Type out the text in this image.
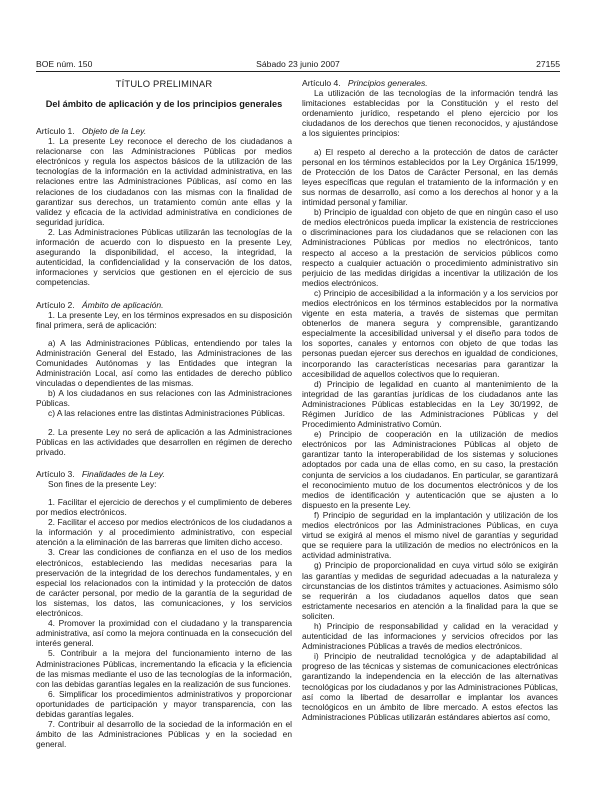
BOE núm. 150	Sábado 23 junio 2007	27155
TÍTULO PRELIMINAR
Del ámbito de aplicación y de los principios generales

Artículo 1. Objeto de la Ley.

1. La presente Ley reconoce el derecho de los ciudadanos a relacionarse con las Administraciones Públicas por medios electrónicos y regula los aspectos básicos de la utilización de las tecnologías de la información en la actividad administrativa, en las relaciones entre las Administraciones Públicas, así como en las relaciones de los ciudadanos con las mismas con la finalidad de garantizar sus derechos, un tratamiento común ante ellas y la validez y eficacia de la actividad administrativa en condiciones de seguridad jurídica.

2. Las Administraciones Públicas utilizarán las tecnologías de la información de acuerdo con lo dispuesto en la presente Ley, asegurando la disponibilidad, el acceso, la integridad, la autenticidad, la confidencialidad y la conservación de los datos, informaciones y servicios que gestionen en el ejercicio de sus competencias.

Artículo 2. Ámbito de aplicación.

1. La presente Ley, en los términos expresados en su disposición final primera, será de aplicación:

a) A las Administraciones Públicas, entendiendo por tales la Administración General del Estado, las Administraciones de las Comunidades Autónomas y las Entidades que integran la Administración Local, así como las entidades de derecho público vinculadas o dependientes de las mismas.

b) A los ciudadanos en sus relaciones con las Administraciones Públicas.

c) A las relaciones entre las distintas Administraciones Públicas.

2. La presente Ley no será de aplicación a las Administraciones Públicas en las actividades que desarrollen en régimen de derecho privado.

Artículo 3. Finalidades de la Ley.

Son fines de la presente Ley:

1. Facilitar el ejercicio de derechos y el cumplimiento de deberes por medios electrónicos.

2. Facilitar el acceso por medios electrónicos de los ciudadanos a la información y al procedimiento administrativo, con especial atención a la eliminación de las barreras que limiten dicho acceso.

3. Crear las condiciones de confianza en el uso de los medios electrónicos, estableciendo las medidas necesarias para la preservación de la integridad de los derechos fundamentales, y en especial los relacionados con la intimidad y la protección de datos de carácter personal, por medio de la garantía de la seguridad de los sistemas, los datos, las comunicaciones, y los servicios electrónicos.

4. Promover la proximidad con el ciudadano y la transparencia administrativa, así como la mejora continuada en la consecución del interés general.

5. Contribuir a la mejora del funcionamiento interno de las Administraciones Públicas, incrementando la eficacia y la eficiencia de las mismas mediante el uso de las tecnologías de la información, con las debidas garantías legales en la realización de sus funciones.

6. Simplificar los procedimientos administrativos y proporcionar oportunidades de participación y mayor transparencia, con las debidas garantías legales.

7. Contribuir al desarrollo de la sociedad de la información en el ámbito de las Administraciones Públicas y en la sociedad en general.

Artículo 4. Principios generales.

La utilización de las tecnologías de la información tendrá las limitaciones establecidas por la Constitución y el resto del ordenamiento jurídico, respetando el pleno ejercicio por los ciudadanos de los derechos que tienen reconocidos, y ajustándose a los siguientes principios:

a) El respeto al derecho a la protección de datos de carácter personal en los términos establecidos por la Ley Orgánica 15/1999, de Protección de los Datos de Carácter Personal, en las demás leyes específicas que regulan el tratamiento de la información y en sus normas de desarrollo, así como a los derechos al honor y a la intimidad personal y familiar.

b) Principio de igualdad con objeto de que en ningún caso el uso de medios electrónicos pueda implicar la existencia de restricciones o discriminaciones para los ciudadanos que se relacionen con las Administraciones Públicas por medios no electrónicos, tanto respecto al acceso a la prestación de servicios públicos como respecto a cualquier actuación o procedimiento administrativo sin perjuicio de las medidas dirigidas a incentivar la utilización de los medios electrónicos.

c) Principio de accesibilidad a la información y a los servicios por medios electrónicos en los términos establecidos por la normativa vigente en esta materia, a través de sistemas que permitan obtenerlos de manera segura y comprensible, garantizando especialmente la accesibilidad universal y el diseño para todos de los soportes, canales y entornos con objeto de que todas las personas puedan ejercer sus derechos en igualdad de condiciones, incorporando las características necesarias para garantizar la accesibilidad de aquellos colectivos que lo requieran.

d) Principio de legalidad en cuanto al mantenimiento de la integridad de las garantías jurídicas de los ciudadanos ante las Administraciones Públicas establecidas en la Ley 30/1992, de Régimen Jurídico de las Administraciones Públicas y del Procedimiento Administrativo Común.

e) Principio de cooperación en la utilización de medios electrónicos por las Administraciones Públicas al objeto de garantizar tanto la interoperabilidad de los sistemas y soluciones adoptados por cada una de ellas como, en su caso, la prestación conjunta de servicios a los ciudadanos. En particular, se garantizará el reconocimiento mutuo de los documentos electrónicos y de los medios de identificación y autenticación que se ajusten a lo dispuesto en la presente Ley.

f) Principio de seguridad en la implantación y utilización de los medios electrónicos por las Administraciones Públicas, en cuya virtud se exigirá al menos el mismo nivel de garantías y seguridad que se requiere para la utilización de medios no electrónicos en la actividad administrativa.

g) Principio de proporcionalidad en cuya virtud sólo se exigirán las garantías y medidas de seguridad adecuadas a la naturaleza y circunstancias de los distintos trámites y actuaciones. Asimismo sólo se requerirán a los ciudadanos aquellos datos que sean estrictamente necesarios en atención a la finalidad para la que se soliciten.

h) Principio de responsabilidad y calidad en la veracidad y autenticidad de las informaciones y servicios ofrecidos por las Administraciones Públicas a través de medios electrónicos.

i) Principio de neutralidad tecnológica y de adaptabilidad al progreso de las técnicas y sistemas de comunicaciones electrónicas garantizando la independencia en la elección de las alternativas tecnológicas por los ciudadanos y por las Administraciones Públicas, así como la libertad de desarrollar e implantar los avances tecnológicos en un ámbito de libre mercado. A estos efectos las Administraciones Públicas utilizarán estándares abiertos así como,
